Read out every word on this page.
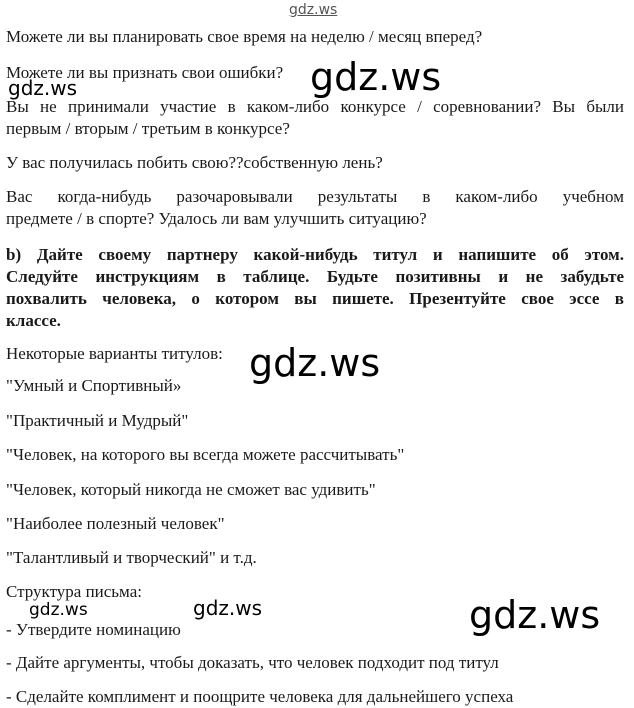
gdz.ws
Можете ли вы планировать свое время на неделю / месяц вперед?
Можете ли вы признать свои ошибки?
Вы не принимали участие в каком-либо конкурсе / соревновании? Вы были
первым / вторым / третьим в конкурсе?
У вас получилась побить свою??собственную лень?
Вас когда-нибудь разочаровывали результаты в каком-либо учебном
предмете / в спорте? Удалось ли вам улучшить ситуацию?
b) Дайте своему партнеру какой-нибудь титул и напишите об этом.
Следуйте инструкциям в таблице. Будьте позитивны и не забудьте
похвалить человека, о котором вы пишете. Презентуйте свое эссе в
классе.
Некоторые варианты титулов:
"Умный и Спортивный»
"Практичный и Мудрый"
"Человек, на которого вы всегда можете рассчитывать"
"Человек, который никогда не сможет вас удивить"
"Наиболее полезный человек"
"Талантливый и творческий" и т.д.
Структура письма:
- Утвердите номинацию
- Дайте аргументы, чтобы доказать, что человек подходит под титул
- Сделайте комплимент и поощрите человека для дальнейшего успеха
gdz.ws	gdz.ws
gdz.ws
gdz.ws	gdz.ws	gdz.ws
